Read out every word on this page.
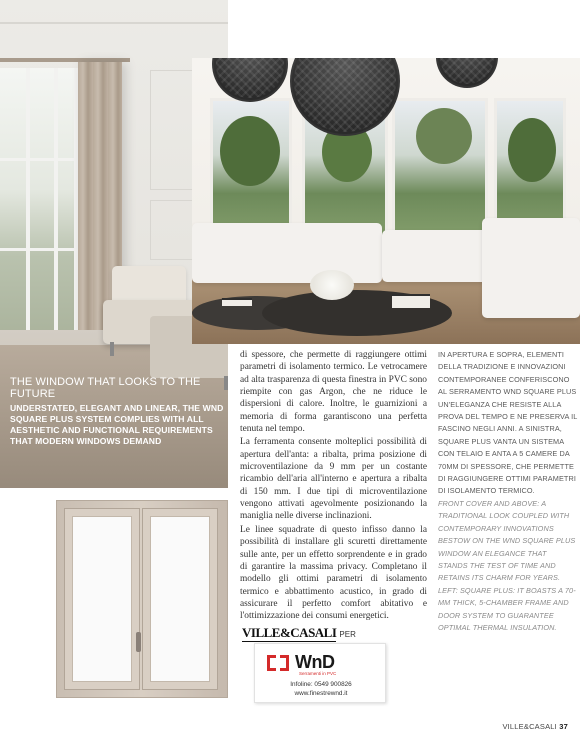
THE WINDOW THAT LOOKS TO THE FUTURE
UNDERSTATED, ELEGANT AND LINEAR, THE WND SQUARE PLUS SYSTEM COMPLIES WITH ALL AESTHETIC AND FUNCTIONAL REQUIREMENTS THAT MODERN WINDOWS DEMAND

di spessore, che permette di raggiungere ottimi parametri di isolamento termico. Le vetrocamere ad alta trasparenza di questa finestra in PVC sono riempite con gas Argon, che ne riduce le dispersioni di calore. Inoltre, le guarnizioni a memoria di forma garantiscono una perfetta tenuta nel tempo.

La ferramenta consente molteplici possibilità di apertura dell'anta: a ribalta, prima posizione di microventilazione da 9 mm per un costante ricambio dell'aria all'interno e apertura a ribalta di 150 mm. I due tipi di microventilazione vengono attivati agevolmente posizionando la maniglia nelle diverse inclinazioni.

Le linee squadrate di questo infisso danno la possibilità di installare gli scuretti direttamente sulle ante, per un effetto sorprendente e in grado di garantire la massima privacy. Completano il modello gli ottimi parametri di isolamento termico e abbattimento acustico, in grado di assicurare il perfetto comfort abitativo e l'ottimizzazione dei consumi energetici.

IN APERTURA E SOPRA, ELEMENTI DELLA TRADIZIONE E INNOVAZIONI CONTEMPORANEE CONFERISCONO AL SERRAMENTO WND SQUARE PLUS UN'ELEGANZA CHE RESISTE ALLA PROVA DEL TEMPO E NE PRESERVA IL FASCINO NEGLI ANNI. A SINISTRA, SQUARE PLUS VANTA UN SISTEMA CON TELAIO E ANTA A 5 CAMERE DA 70MM DI SPESSORE, CHE PERMETTE DI RAGGIUNGERE OTTIMI PARAMETRI DI ISOLAMENTO TERMICO.
FRONT COVER AND ABOVE: A TRADITIONAL LOOK COUPLED WITH CONTEMPORARY INNOVATIONS BESTOW ON THE WND SQUARE PLUS WINDOW AN ELEGANCE THAT STANDS THE TEST OF TIME AND RETAINS ITS CHARM FOR YEARS. LEFT: SQUARE PLUS: IT BOASTS A 70-MM THICK, 5-CHAMBER FRAME AND DOOR SYSTEM TO GUARANTEE OPTIMAL THERMAL INSULATION.
VILLE&CASALI PER
WnD
Serramenti in PVC
Infoline: 0549 900826
www.finestrewnd.it
VILLE&CASALI 37
